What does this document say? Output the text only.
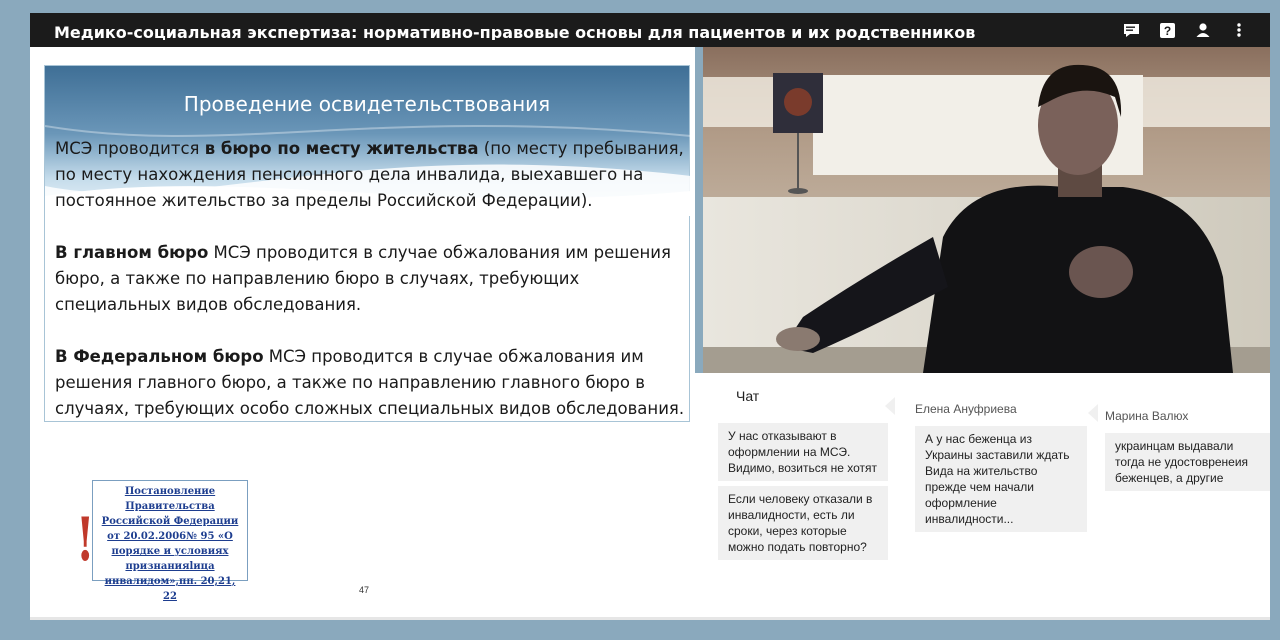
Медико-социальная экспертиза: нормативно-правовые основы для пациентов и их родственников	?
Проведение освидетельствования

МСЭ проводится в бюро по месту жительства (по месту пребывания, по месту нахождения пенсионного дела инвалида, выехавшего на постоянное жительство за пределы Российской Федерации).

В главном бюро МСЭ проводится в случае обжалования им решения бюро, а также по направлению бюро в случаях, требующих специальных видов обследования.

В Федеральном бюро МСЭ проводится в случае обжалования им решения главного бюро, а также по направлению главного бюро в случаях, требующих особо сложных специальных видов обследования.

!
Постановление Правительства Российской Федерации от 20.02.2006№ 95 «О порядке и условиях признанияlица инвалидом»,пп. 20,21, 22
47
Чат
У нас отказывают в оформлении на МСЭ. Видимо, возиться не хотят
Если человеку отказали в инвалидности, есть ли сроки, через которые можно подать повторно?
Елена Ануфриева
А у нас беженца из Украины заставили ждать Вида на жительство прежде чем начали оформление инвалидности...
Марина Валюх
украинцам выдавали тогда не удостовренеия беженцев, а другие
